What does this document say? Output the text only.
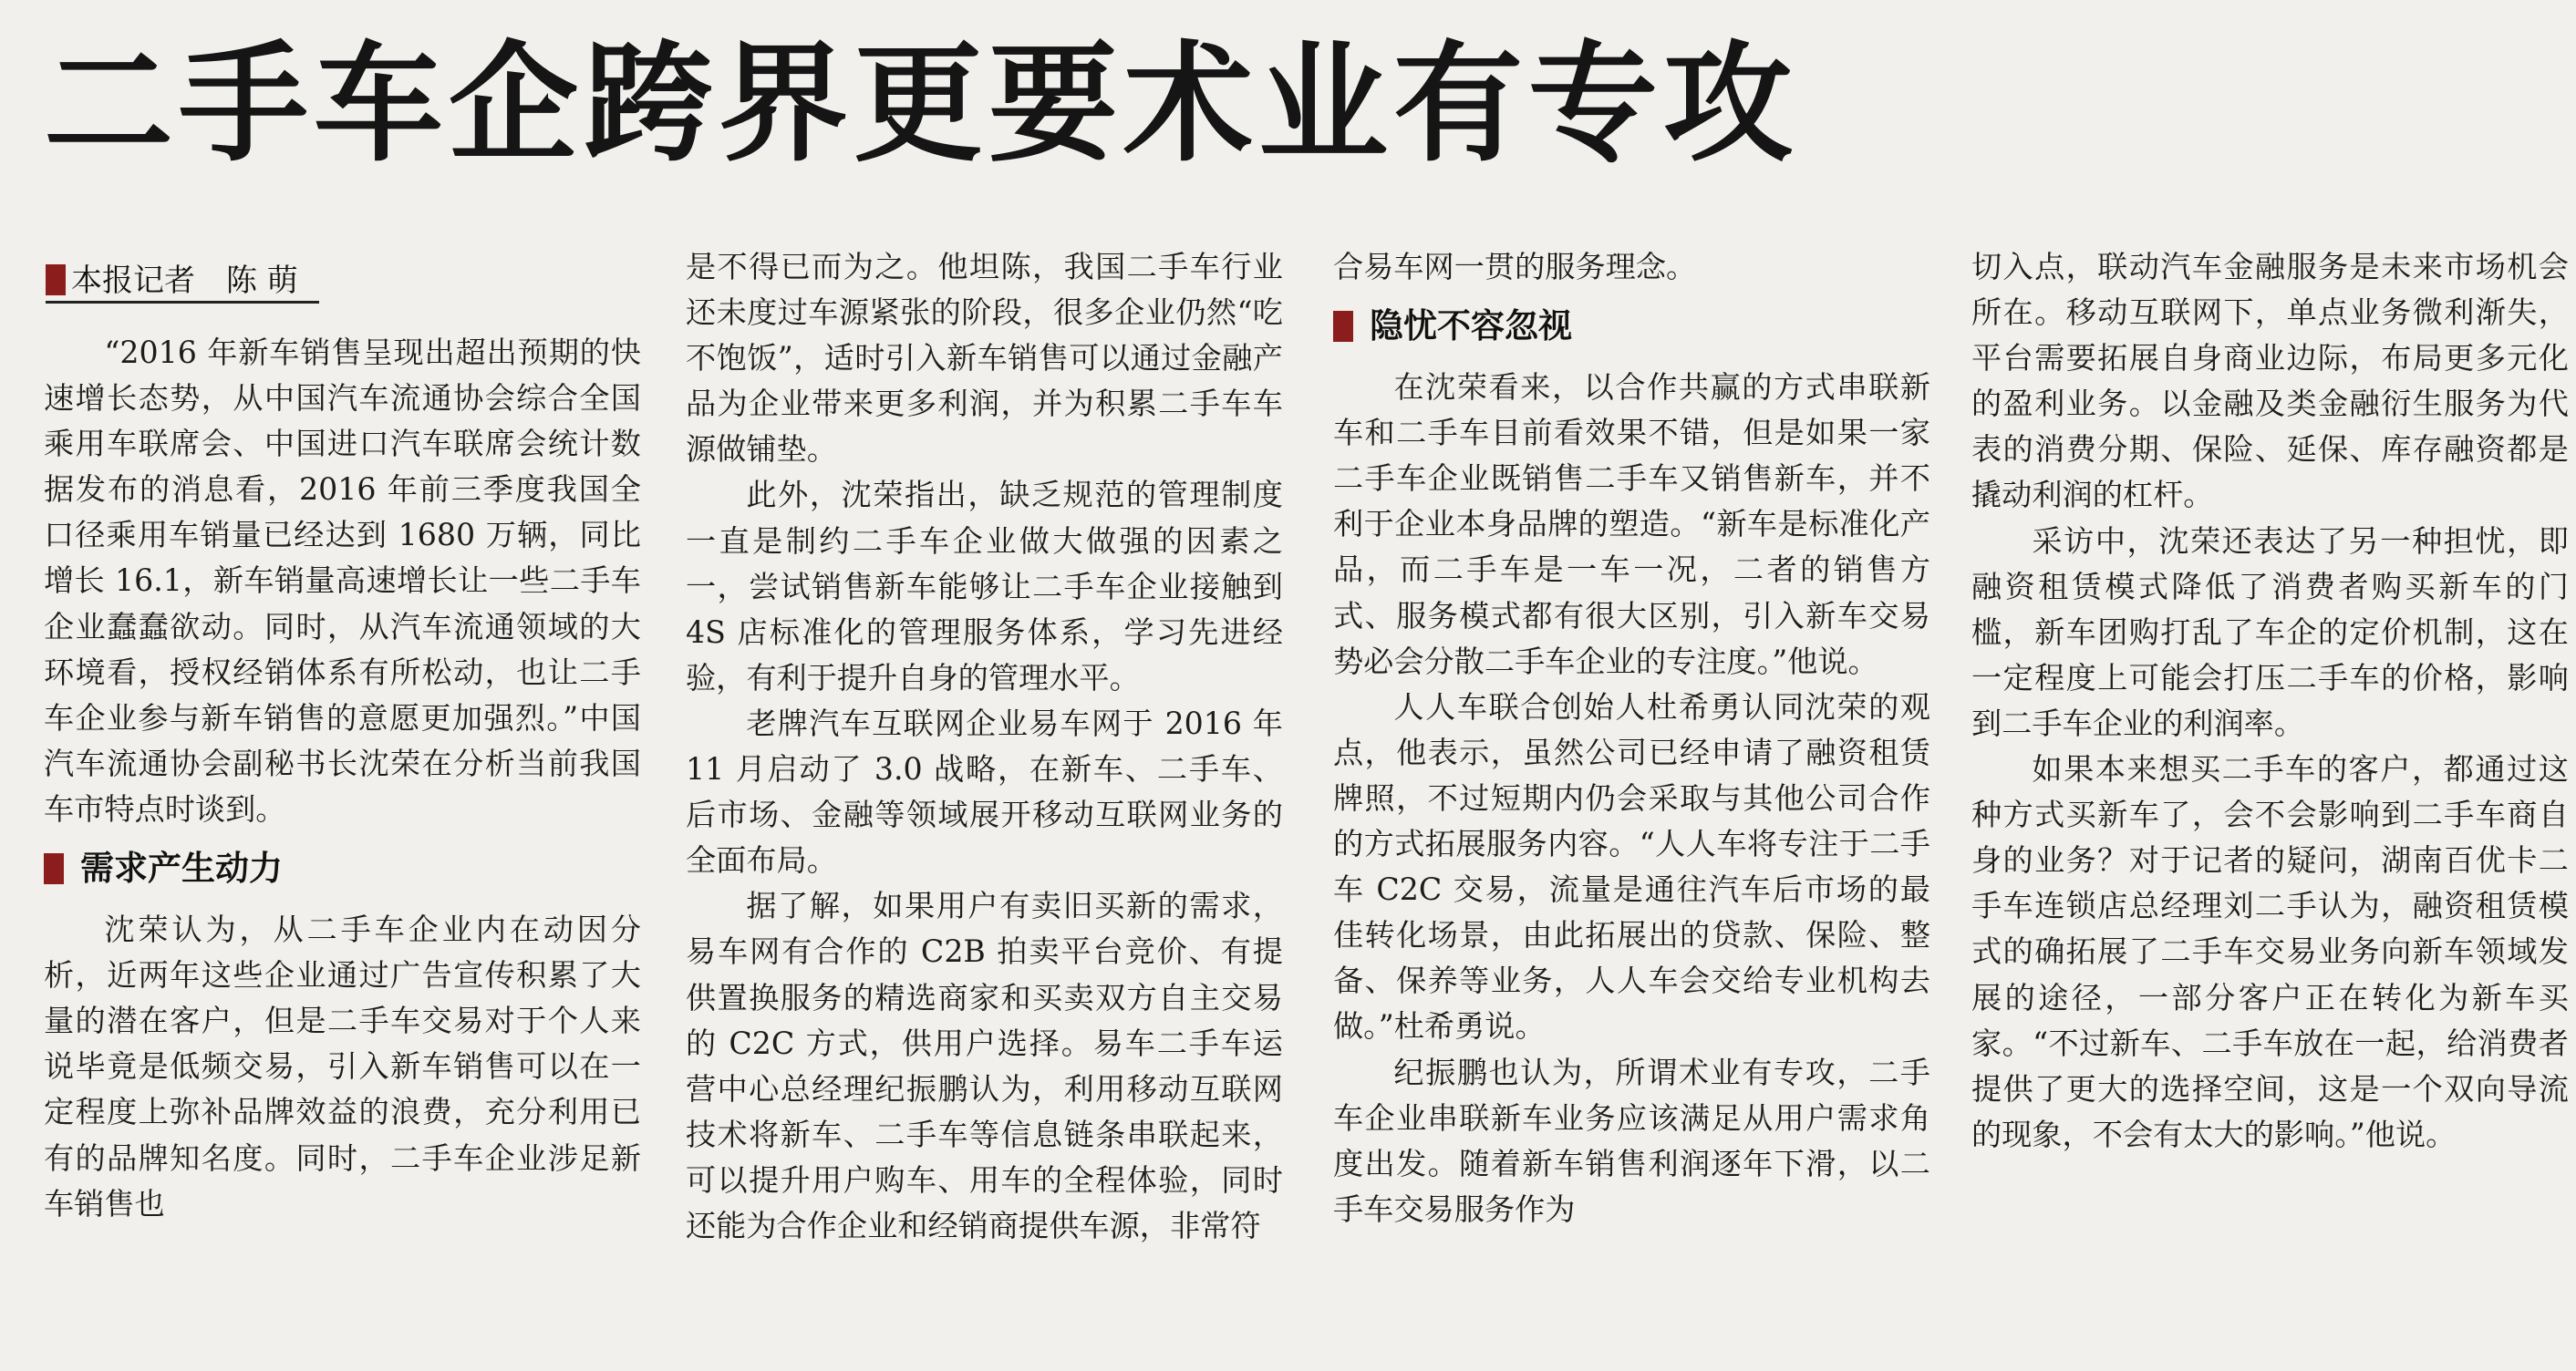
二手车企跨界更要术业有专攻
本报记者　陈 萌

“2016 年新车销售呈现出超出预期的快速增长态势，从中国汽车流通协会综合全国乘用车联席会、中国进口汽车联席会统计数据发布的消息看，2016 年前三季度我国全口径乘用车销量已经达到 1680 万辆，同比增长 16.1，新车销量高速增长让一些二手车企业蠢蠢欲动。同时，从汽车流通领域的大环境看，授权经销体系有所松动，也让二手车企业参与新车销售的意愿更加强烈。”中国汽车流通协会副秘书长沈荣在分析当前我国车市特点时谈到。

需求产生动力

沈荣认为，从二手车企业内在动因分析，近两年这些企业通过广告宣传积累了大量的潜在客户，但是二手车交易对于个人来说毕竟是低频交易，引入新车销售可以在一定程度上弥补品牌效益的浪费，充分利用已有的品牌知名度。同时，二手车企业涉足新车销售也

是不得已而为之。他坦陈，我国二手车行业还未度过车源紧张的阶段，很多企业仍然“吃不饱饭”，适时引入新车销售可以通过金融产品为企业带来更多利润，并为积累二手车车源做铺垫。

此外，沈荣指出，缺乏规范的管理制度一直是制约二手车企业做大做强的因素之一，尝试销售新车能够让二手车企业接触到 4S 店标准化的管理服务体系，学习先进经验，有利于提升自身的管理水平。

老牌汽车互联网企业易车网于 2016 年 11 月启动了 3.0 战略，在新车、二手车、后市场、金融等领域展开移动互联网业务的全面布局。

据了解，如果用户有卖旧买新的需求，易车网有合作的 C2B 拍卖平台竞价、有提供置换服务的精选商家和买卖双方自主交易的 C2C 方式，供用户选择。易车二手车运营中心总经理纪振鹏认为，利用移动互联网技术将新车、二手车等信息链条串联起来，可以提升用户购车、用车的全程体验，同时还能为合作企业和经销商提供车源，非常符

合易车网一贯的服务理念。

隐忧不容忽视

在沈荣看来，以合作共赢的方式串联新车和二手车目前看效果不错，但是如果一家二手车企业既销售二手车又销售新车，并不利于企业本身品牌的塑造。“新车是标准化产品，而二手车是一车一况，二者的销售方式、服务模式都有很大区别，引入新车交易势必会分散二手车企业的专注度。”他说。

人人车联合创始人杜希勇认同沈荣的观点，他表示，虽然公司已经申请了融资租赁牌照，不过短期内仍会采取与其他公司合作的方式拓展服务内容。“人人车将专注于二手车 C2C 交易，流量是通往汽车后市场的最佳转化场景，由此拓展出的贷款、保险、整备、保养等业务，人人车会交给专业机构去做。”杜希勇说。

纪振鹏也认为，所谓术业有专攻，二手车企业串联新车业务应该满足从用户需求角度出发。随着新车销售利润逐年下滑，以二手车交易服务作为

切入点，联动汽车金融服务是未来市场机会所在。移动互联网下，单点业务微利渐失，平台需要拓展自身商业边际，布局更多元化的盈利业务。以金融及类金融衍生服务为代表的消费分期、保险、延保、库存融资都是撬动利润的杠杆。

采访中，沈荣还表达了另一种担忧，即融资租赁模式降低了消费者购买新车的门槛，新车团购打乱了车企的定价机制，这在一定程度上可能会打压二手车的价格，影响到二手车企业的利润率。

如果本来想买二手车的客户，都通过这种方式买新车了，会不会影响到二手车商自身的业务？对于记者的疑问，湖南百优卡二手车连锁店总经理刘二手认为，融资租赁模式的确拓展了二手车交易业务向新车领域发展的途径，一部分客户正在转化为新车买家。“不过新车、二手车放在一起，给消费者提供了更大的选择空间，这是一个双向导流的现象，不会有太大的影响。”他说。
